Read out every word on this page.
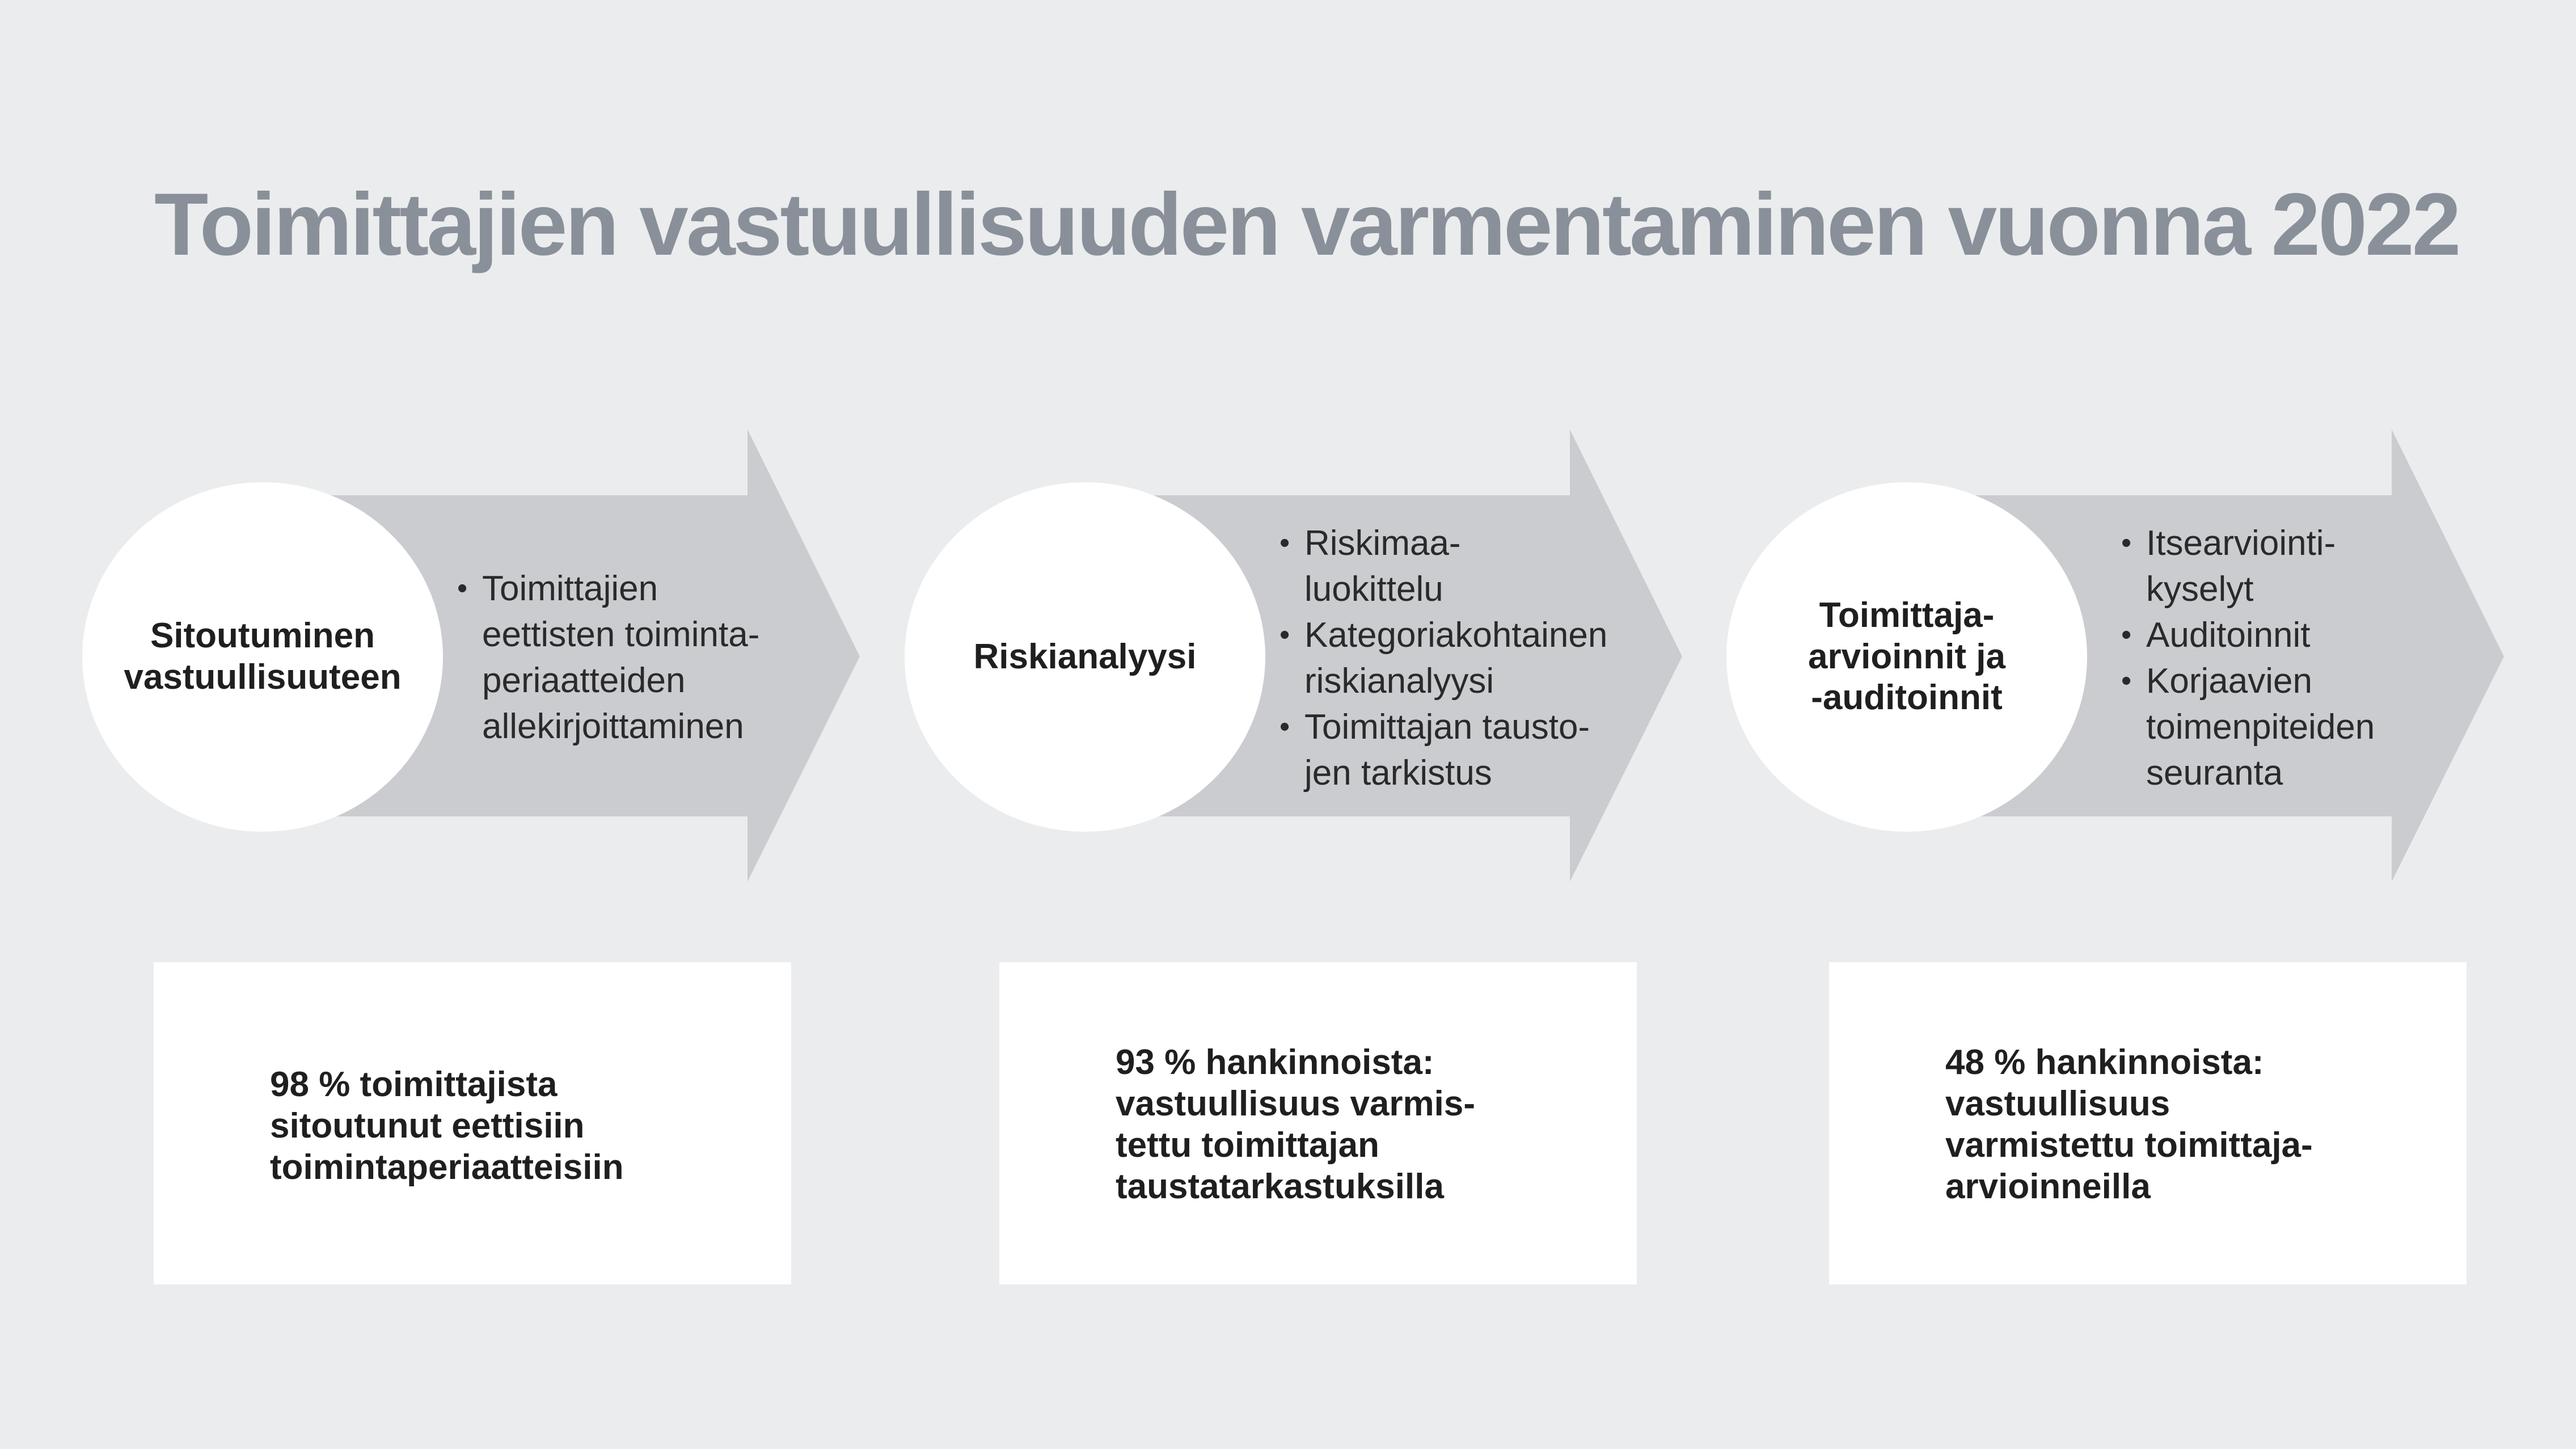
Toimittajien vastuullisuuden varmentaminen vuonna 2022
Sitoutuminen
vastuullisuuteen
• Toimittajien
eettisten toiminta-
periaatteiden
allekirjoittaminen
Riskianalyysi
• Riskimaa-
luokittelu
• Kategoriakohtainen
riskianalyysi
• Toimittajan tausto-
jen tarkistus
Toimittaja-
arvioinnit ja
-auditoinnit
• Itsearviointi-
kyselyt
• Auditoinnit
• Korjaavien
toimenpiteiden
seuranta
98 % toimittajista
sitoutunut eettisiin
toimintaperiaatteisiin
93 % hankinnoista:
vastuullisuus varmis-
tettu toimittajan
taustatarkastuksilla
48 % hankinnoista:
vastuullisuus
varmistettu toimittaja-
arvioinneilla
